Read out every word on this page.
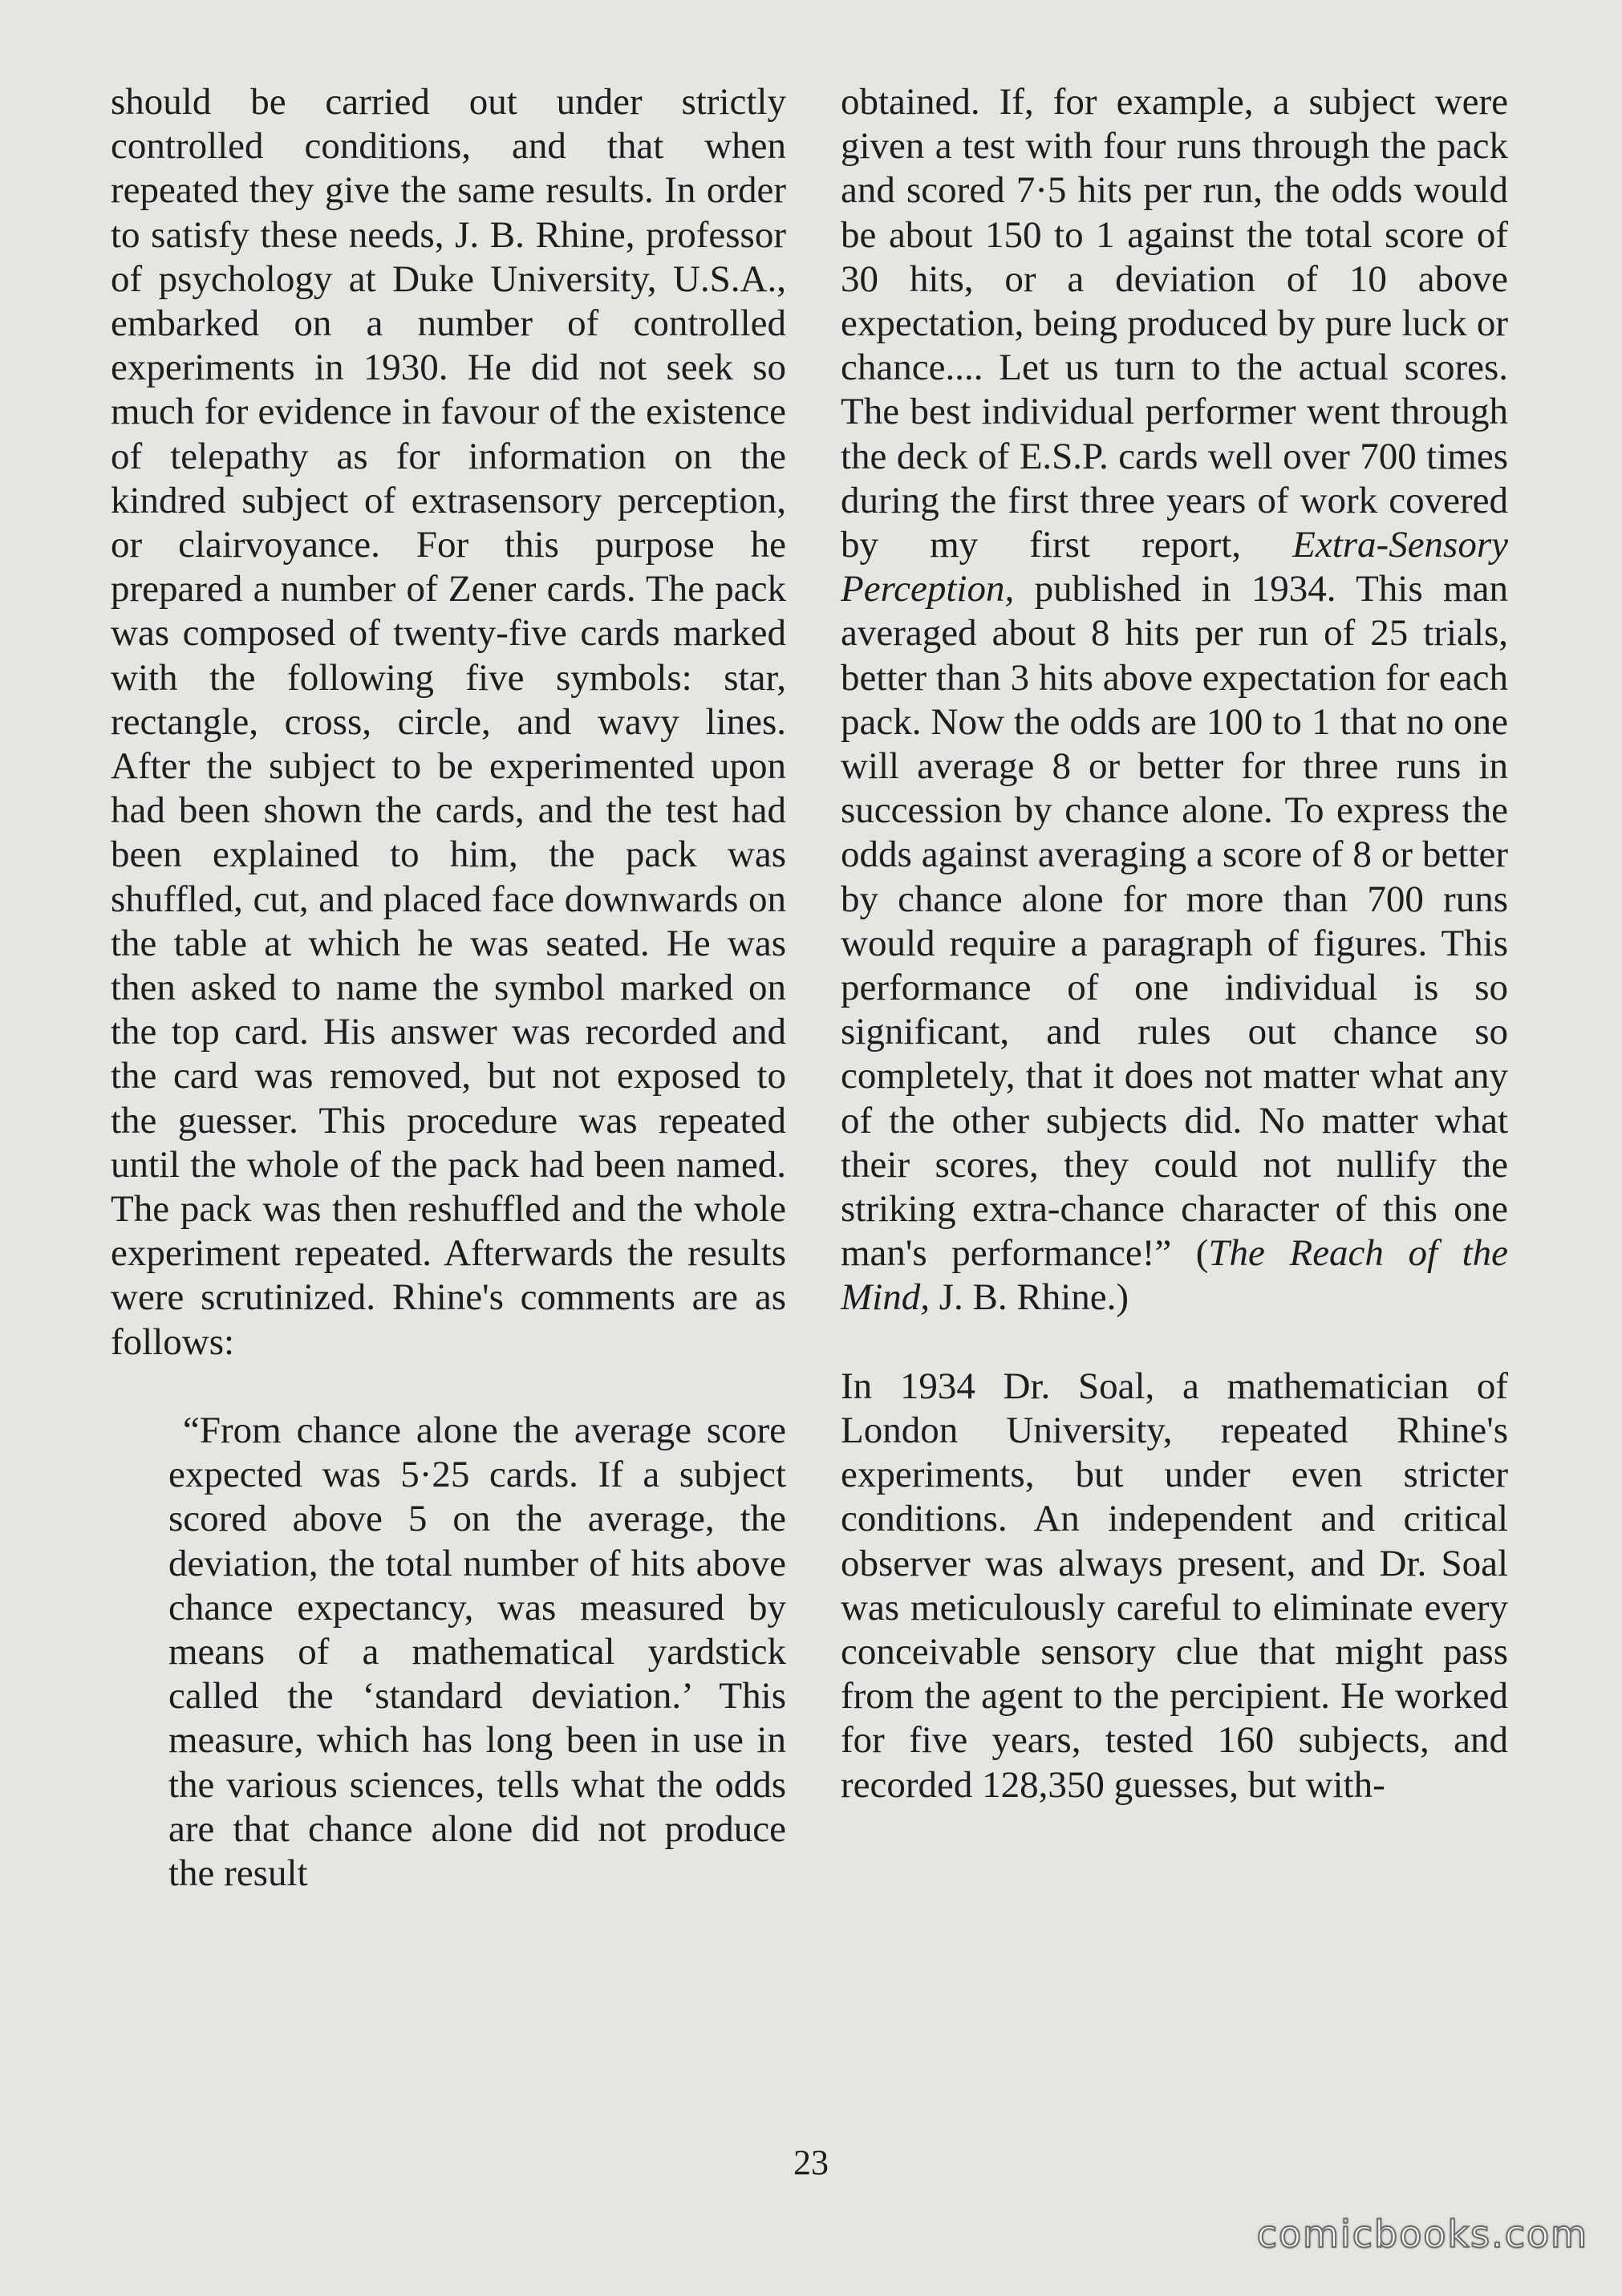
should be carried out under strictly controlled conditions, and that when repeated they give the same results. In order to satisfy these needs, J. B. Rhine, professor of psychology at Duke University, U.S.A., embarked on a number of controlled experiments in 1930. He did not seek so much for evidence in favour of the existence of telepathy as for information on the kindred subject of extrasensory perception, or clairvoyance. For this purpose he prepared a number of Zener cards. The pack was composed of twenty-five cards marked with the following five symbols: star, rectangle, cross, circle, and wavy lines. After the subject to be experimented upon had been shown the cards, and the test had been explained to him, the pack was shuffled, cut, and placed face downwards on the table at which he was seated. He was then asked to name the symbol marked on the top card. His answer was recorded and the card was removed, but not exposed to the guesser. This procedure was repeated until the whole of the pack had been named. The pack was then reshuffled and the whole experiment repeated. Afterwards the results were scrutinized. Rhine's comments are as follows:

“From chance alone the average score expected was 5·25 cards. If a subject scored above 5 on the average, the deviation, the total number of hits above chance expectancy, was measured by means of a mathematical yardstick called the ‘standard deviation.’ This measure, which has long been in use in the various sciences, tells what the odds are that chance alone did not produce the result

obtained. If, for example, a subject were given a test with four runs through the pack and scored 7·5 hits per run, the odds would be about 150 to 1 against the total score of 30 hits, or a deviation of 10 above expectation, being produced by pure luck or chance.... Let us turn to the actual scores. The best individual performer went through the deck of E.S.P. cards well over 700 times during the first three years of work covered by my first report, Extra-Sensory Perception, published in 1934. This man averaged about 8 hits per run of 25 trials, better than 3 hits above expectation for each pack. Now the odds are 100 to 1 that no one will average 8 or better for three runs in succession by chance alone. To express the odds against averaging a score of 8 or better by chance alone for more than 700 runs would require a paragraph of figures. This performance of one individual is so significant, and rules out chance so completely, that it does not matter what any of the other subjects did. No matter what their scores, they could not nullify the striking extra-chance character of this one man's performance!” (The Reach of the Mind, J. B. Rhine.)

In 1934 Dr. Soal, a mathematician of London University, repeated Rhine's experiments, but under even stricter conditions. An independent and critical observer was always present, and Dr. Soal was meticulously careful to eliminate every conceivable sensory clue that might pass from the agent to the percipient. He worked for five years, tested 160 subjects, and recorded 128,350 guesses, but with-

23
comicbooks.com
